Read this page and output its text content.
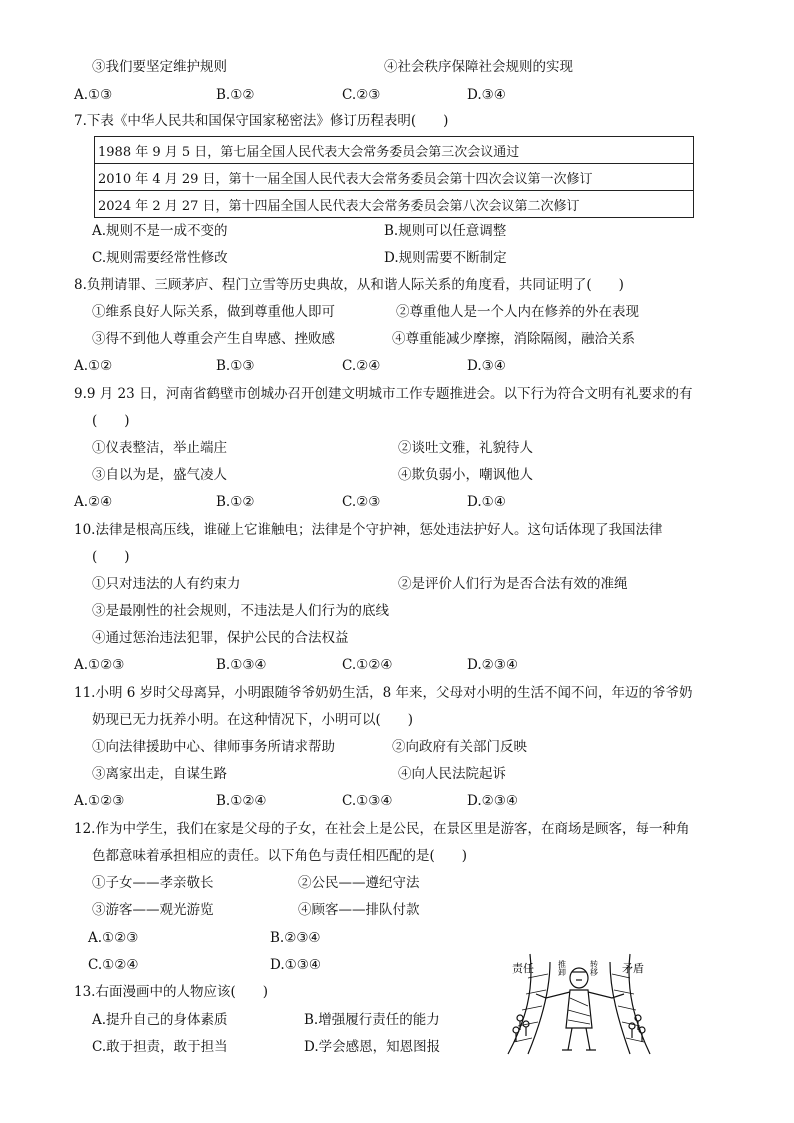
③我们要坚定维护规则	④社会秩序保障社会规则的实现
A.①③	B.①②	C.②③	D.③④
7.下表《中华人民共和国保守国家秘密法》修订历程表明(　　)
1988 年 9 月 5 日，第七届全国人民代表大会常务委员会第三次会议通过
2010 年 4 月 29 日，第十一届全国人民代表大会常务委员会第十四次会议第一次修订
2024 年 2 月 27 日，第十四届全国人民代表大会常务委员会第八次会议第二次修订
A.规则不是一成不变的	B.规则可以任意调整
C.规则需要经常性修改	D.规则需要不断制定
8.负荆请罪、三顾茅庐、程门立雪等历史典故，从和谐人际关系的角度看，共同证明了(　　)
①维系良好人际关系，做到尊重他人即可	②尊重他人是一个人内在修养的外在表现
③得不到他人尊重会产生自卑感、挫败感	④尊重能减少摩擦，消除隔阂，融洽关系
A.①②	B.①③	C.②④	D.③④
9.9 月 23 日，河南省鹤壁市创城办召开创建文明城市工作专题推进会。以下行为符合文明有礼要求的有
(　　)
①仪表整洁，举止端庄	②谈吐文雅，礼貌待人
③自以为是，盛气凌人	④欺负弱小，嘲讽他人
A.②④	B.①②	C.②③	D.①④
10.法律是根高压线，谁碰上它谁触电；法律是个守护神，惩处违法护好人。这句话体现了我国法律
(　　)
①只对违法的人有约束力	②是评价人们行为是否合法有效的准绳
③是最刚性的社会规则，不违法是人们行为的底线
④通过惩治违法犯罪，保护公民的合法权益
A.①②③	B.①③④	C.①②④	D.②③④
11.小明 6 岁时父母离异，小明跟随爷爷奶奶生活，8 年来，父母对小明的生活不闻不问，年迈的爷爷奶
奶现已无力抚养小明。在这种情况下，小明可以(　　)
①向法律援助中心、律师事务所请求帮助	②向政府有关部门反映
③离家出走，自谋生路	④向人民法院起诉
A.①②③	B.①②④	C.①③④	D.②③④
12.作为中学生，我们在家是父母的子女，在社会上是公民，在景区里是游客，在商场是顾客，每一种角
色都意味着承担相应的责任。以下角色与责任相匹配的是(　　)
①子女——孝亲敬长	②公民——遵纪守法
③游客——观光游览	④顾客——排队付款
A.①②③	B.②③④
C.①②④	D.①③④
13.右面漫画中的人物应该(　　)
A.提升自己的身体素质	B.增强履行责任的能力
C.敢于担责，敢于担当	D.学会感恩，知恩图报
责任	矛盾
推卸	转移
